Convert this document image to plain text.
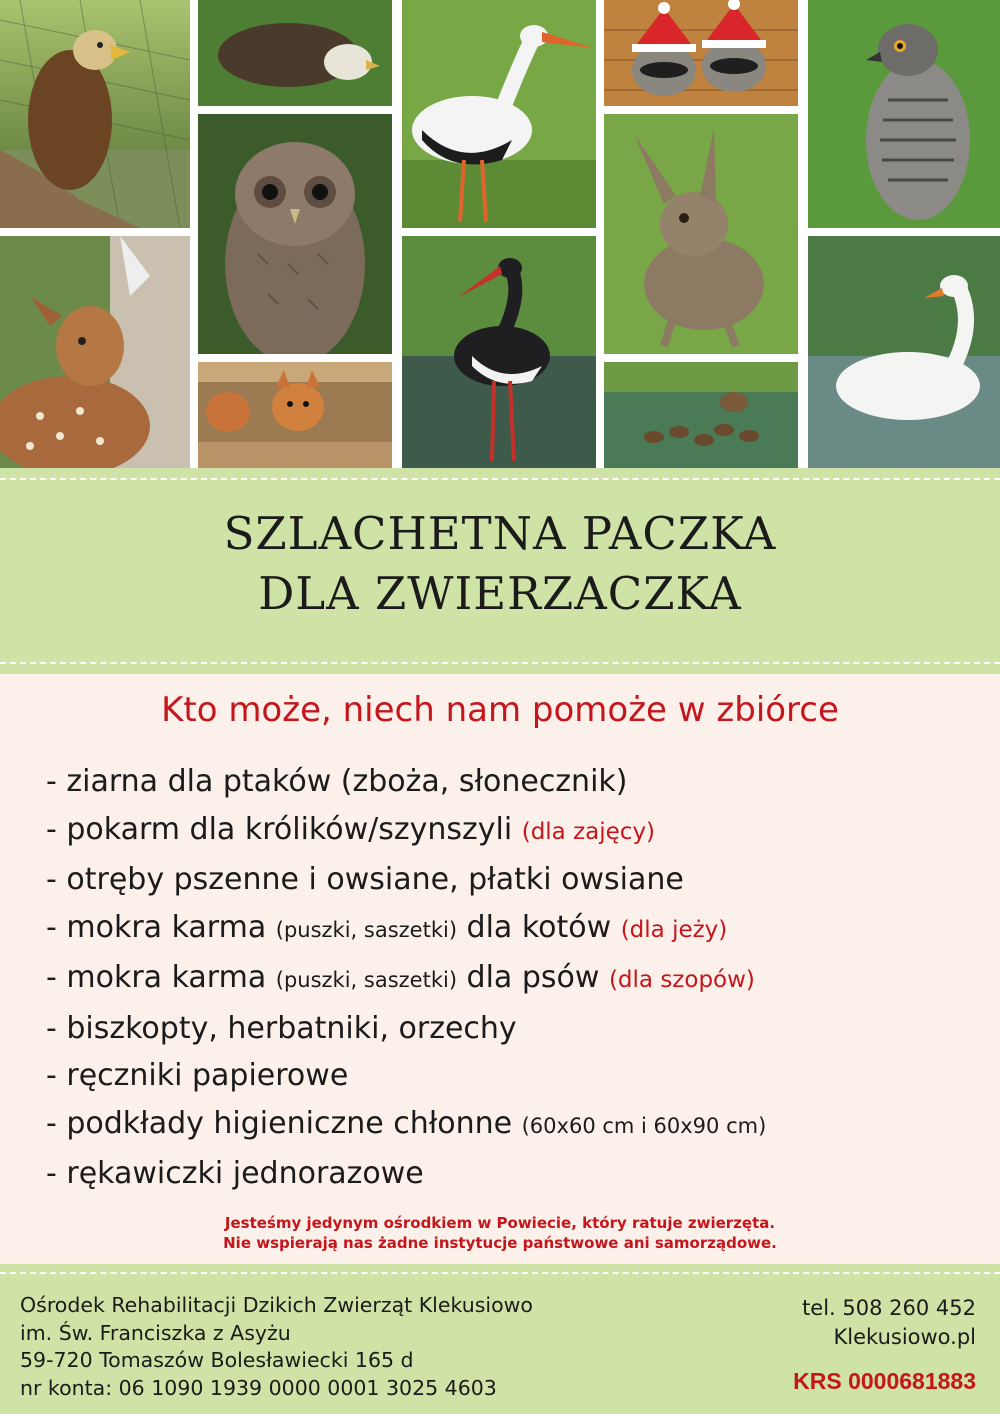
SZLACHETNA PACZKA
DLA ZWIERZACZKA
Kto może, niech nam pomoże w zbiórce
- ziarna dla ptaków (zboża, słonecznik)
- pokarm dla królików/szynszyli (dla zajęcy)
- otręby pszenne i owsiane, płatki owsiane
- mokra karma (puszki, saszetki) dla kotów (dla jeży)
- mokra karma (puszki, saszetki) dla psów (dla szopów)
- biszkopty, herbatniki, orzechy
- ręczniki papierowe
- podkłady higieniczne chłonne (60x60 cm i 60x90 cm)
- rękawiczki jednorazowe
Jesteśmy jedynym ośrodkiem w Powiecie, który ratuje zwierzęta.
Nie wspierają nas żadne instytucje państwowe ani samorządowe.
Ośrodek Rehabilitacji Dzikich Zwierząt Klekusiowo
im. Św. Franciszka z Asyżu
59-720 Tomaszów Bolesławiecki 165 d
nr konta: 06 1090 1939 0000 0001 3025 4603
tel. 508 260 452
Klekusiowo.pl
KRS 0000681883
